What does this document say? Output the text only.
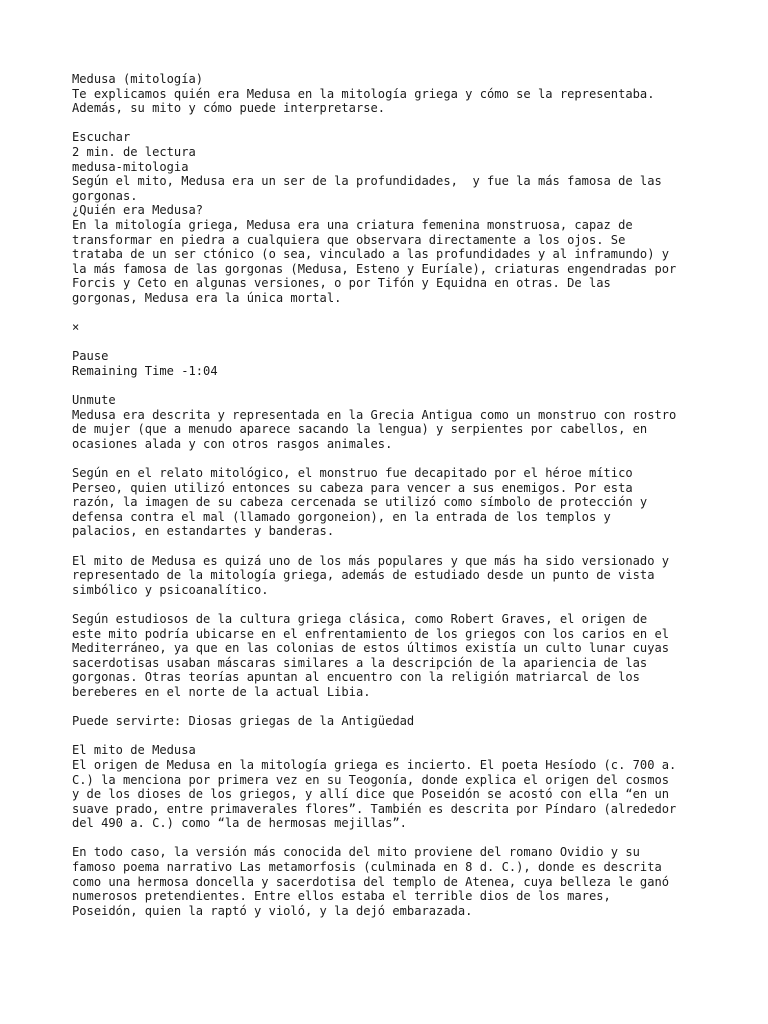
Medusa (mitología)
Te explicamos quién era Medusa en la mitología griega y cómo se la representaba.
Además, su mito y cómo puede interpretarse.
Escuchar
2 min. de lectura
medusa-mitologia
Según el mito, Medusa era un ser de la profundidades,  y fue la más famosa de las
gorgonas.
¿Quién era Medusa?
En la mitología griega, Medusa era una criatura femenina monstruosa, capaz de
transformar en piedra a cualquiera que observara directamente a los ojos. Se
trataba de un ser ctónico (o sea, vinculado a las profundidades y al inframundo) y
la más famosa de las gorgonas (Medusa, Esteno y Euríale), criaturas engendradas por
Forcis y Ceto en algunas versiones, o por Tifón y Equidna en otras. De las
gorgonas, Medusa era la única mortal.
×
Pause
Remaining Time -1:04
Unmute
Medusa era descrita y representada en la Grecia Antigua como un monstruo con rostro
de mujer (que a menudo aparece sacando la lengua) y serpientes por cabellos, en
ocasiones alada y con otros rasgos animales.
Según en el relato mitológico, el monstruo fue decapitado por el héroe mítico
Perseo, quien utilizó entonces su cabeza para vencer a sus enemigos. Por esta
razón, la imagen de su cabeza cercenada se utilizó como símbolo de protección y
defensa contra el mal (llamado gorgoneion), en la entrada de los templos y
palacios, en estandartes y banderas.
El mito de Medusa es quizá uno de los más populares y que más ha sido versionado y
representado de la mitología griega, además de estudiado desde un punto de vista
simbólico y psicoanalítico.
Según estudiosos de la cultura griega clásica, como Robert Graves, el origen de
este mito podría ubicarse en el enfrentamiento de los griegos con los carios en el
Mediterráneo, ya que en las colonias de estos últimos existía un culto lunar cuyas
sacerdotisas usaban máscaras similares a la descripción de la apariencia de las
gorgonas. Otras teorías apuntan al encuentro con la religión matriarcal de los
bereberes en el norte de la actual Libia.
Puede servirte: Diosas griegas de la Antigüedad
El mito de Medusa
El origen de Medusa en la mitología griega es incierto. El poeta Hesíodo (c. 700 a.
C.) la menciona por primera vez en su Teogonía, donde explica el origen del cosmos
y de los dioses de los griegos, y allí dice que Poseidón se acostó con ella “en un
suave prado, entre primaverales flores”. También es descrita por Píndaro (alrededor
del 490 a. C.) como “la de hermosas mejillas”.
En todo caso, la versión más conocida del mito proviene del romano Ovidio y su
famoso poema narrativo Las metamorfosis (culminada en 8 d. C.), donde es descrita
como una hermosa doncella y sacerdotisa del templo de Atenea, cuya belleza le ganó
numerosos pretendientes. Entre ellos estaba el terrible dios de los mares,
Poseidón, quien la raptó y violó, y la dejó embarazada.
